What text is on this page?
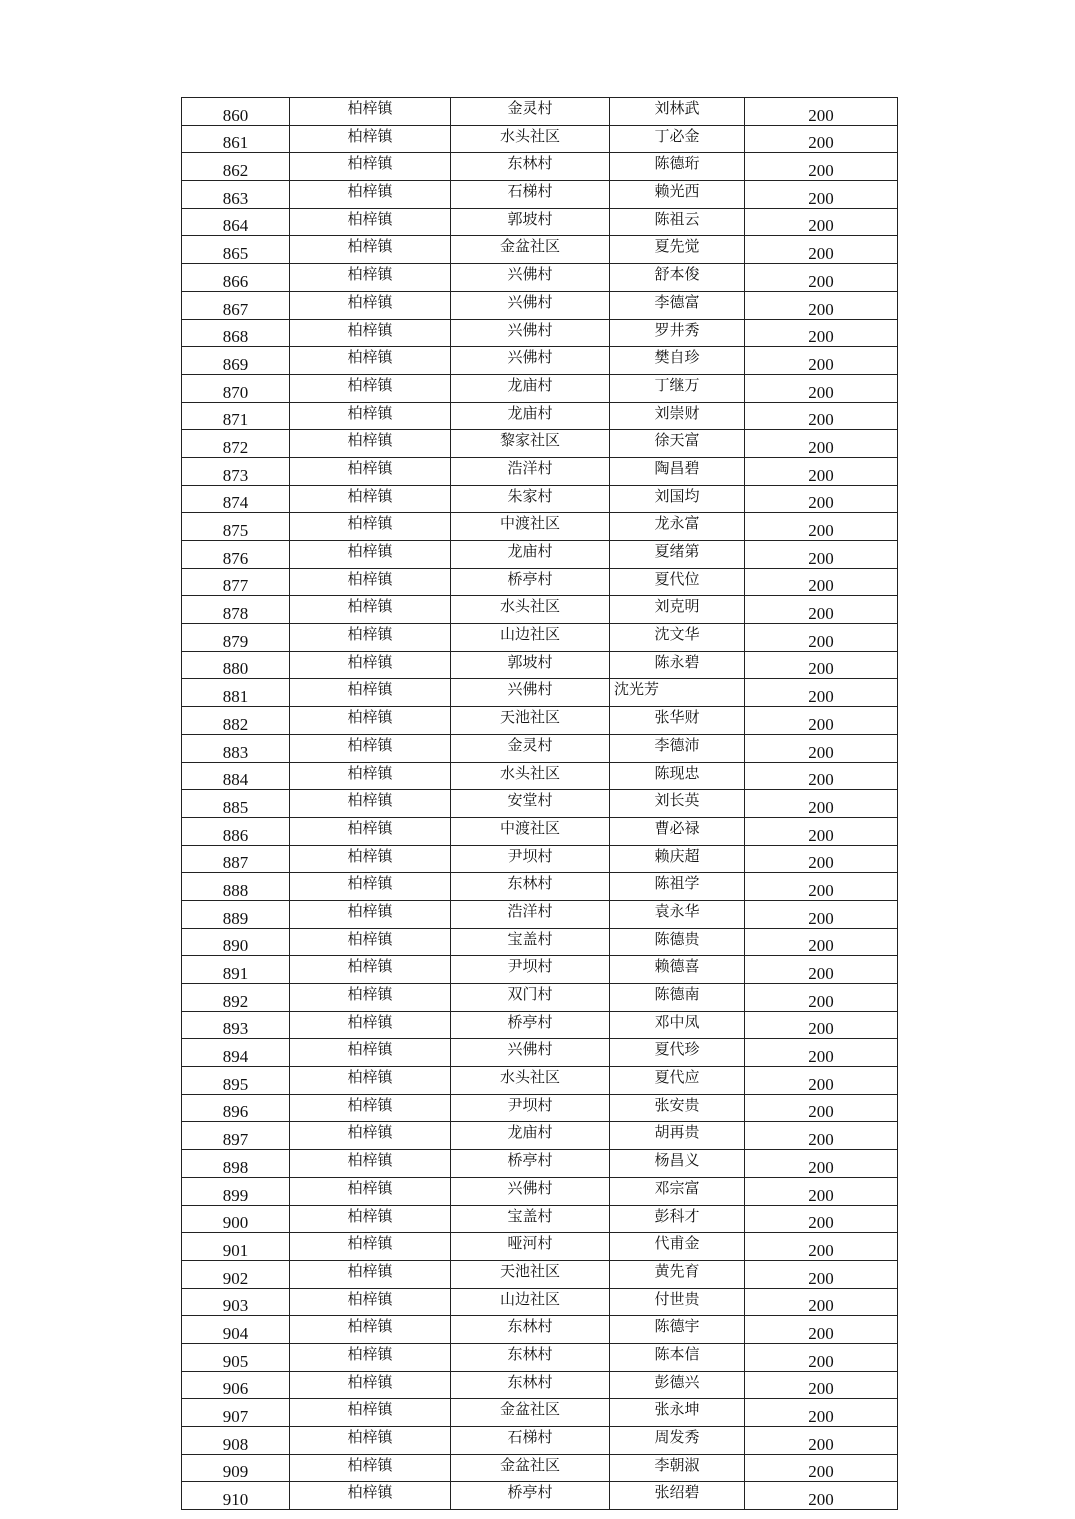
860	柏梓镇	金灵村	刘林武	200
861	柏梓镇	水头社区	丁必金	200
862	柏梓镇	东林村	陈德珩	200
863	柏梓镇	石梯村	赖光西	200
864	柏梓镇	郭坡村	陈祖云	200
865	柏梓镇	金盆社区	夏先觉	200
866	柏梓镇	兴佛村	舒本俊	200
867	柏梓镇	兴佛村	李德富	200
868	柏梓镇	兴佛村	罗井秀	200
869	柏梓镇	兴佛村	樊自珍	200
870	柏梓镇	龙庙村	丁继万	200
871	柏梓镇	龙庙村	刘崇财	200
872	柏梓镇	黎家社区	徐天富	200
873	柏梓镇	浩洋村	陶昌碧	200
874	柏梓镇	朱家村	刘国均	200
875	柏梓镇	中渡社区	龙永富	200
876	柏梓镇	龙庙村	夏绪第	200
877	柏梓镇	桥亭村	夏代位	200
878	柏梓镇	水头社区	刘克明	200
879	柏梓镇	山边社区	沈文华	200
880	柏梓镇	郭坡村	陈永碧	200
881	柏梓镇	兴佛村	沈光芳	200
882	柏梓镇	天池社区	张华财	200
883	柏梓镇	金灵村	李德沛	200
884	柏梓镇	水头社区	陈现忠	200
885	柏梓镇	安堂村	刘长英	200
886	柏梓镇	中渡社区	曹必禄	200
887	柏梓镇	尹坝村	赖庆超	200
888	柏梓镇	东林村	陈祖学	200
889	柏梓镇	浩洋村	袁永华	200
890	柏梓镇	宝盖村	陈德贵	200
891	柏梓镇	尹坝村	赖德喜	200
892	柏梓镇	双门村	陈德南	200
893	柏梓镇	桥亭村	邓中凤	200
894	柏梓镇	兴佛村	夏代珍	200
895	柏梓镇	水头社区	夏代应	200
896	柏梓镇	尹坝村	张安贵	200
897	柏梓镇	龙庙村	胡再贵	200
898	柏梓镇	桥亭村	杨昌义	200
899	柏梓镇	兴佛村	邓宗富	200
900	柏梓镇	宝盖村	彭科才	200
901	柏梓镇	哑河村	代甫金	200
902	柏梓镇	天池社区	黄先育	200
903	柏梓镇	山边社区	付世贵	200
904	柏梓镇	东林村	陈德宇	200
905	柏梓镇	东林村	陈本信	200
906	柏梓镇	东林村	彭德兴	200
907	柏梓镇	金盆社区	张永坤	200
908	柏梓镇	石梯村	周发秀	200
909	柏梓镇	金盆社区	李朝淑	200
910	柏梓镇	桥亭村	张绍碧	200
